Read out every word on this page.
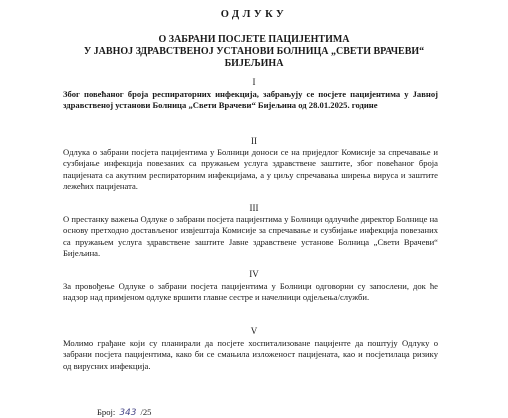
ОДЛУКУ
О ЗАБРАНИ ПОСЈЕТЕ ПАЦИЈЕНТИМА
У ЈАВНОЈ ЗДРАВСТВЕНОЈ УСТАНОВИ БОЛНИЦА „СВЕТИ ВРАЧЕВИ“
БИЈЕЉИНА
I
Због повећаног броја респираторних инфекција, забрањују се посјете пацијентима у Јавној здравственој установи Болница „Свети Врачеви“ Бијељина од 28.01.2025. године
II
Одлука о забрани посјета пацијентима у Болници доноси се на приједлог Комисије за спречавање и сузбијање инфекција повезаних са пружањем услуга здравствене заштите, због повећаног броја пацијената са акутним респираторним инфекцијама, а у циљу спречавања ширења вируса и заштите лежећих пацијената.
III
О престанку важења Одлуке о забрани посјета пацијентима у Болници одлучиће директор Болнице на основу претходно достављеног извјештаја Комисије за спречавање и сузбијање инфекција повезаних са пружањем услуга здравствене заштите Јавне здравствене установе Болница „Свети Врачеви“ Бијељина.
IV
За провођење Одлуке о забрани посјета пацијентима у Болници одговорни су запослени, док ће надзор над примјеном одлуке вршити главне сестре и начелници одјељења/служби.
V
Молимо грађане који су планирали да посјете хоспитализоване пацијенте да поштују Одлуку о забрани посјета пацијентима, како би се смањила изложеност пацијената, као и посјетилаца ризику од вирусних инфекција.
Број: 343 /25
